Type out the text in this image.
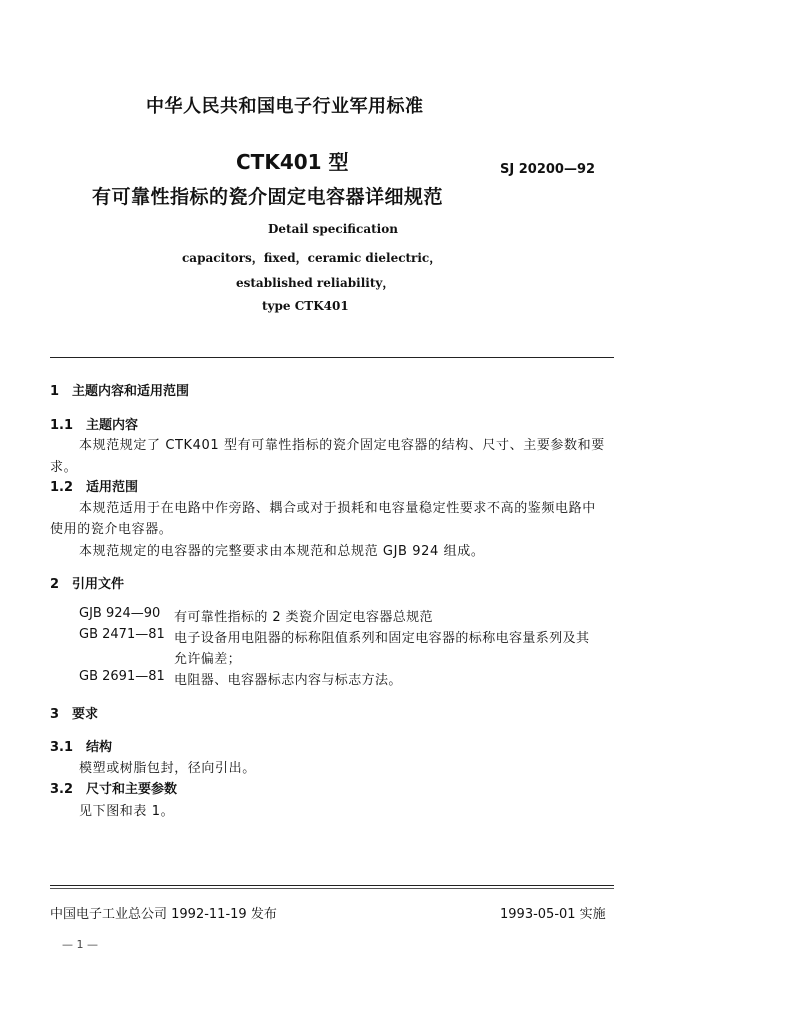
中华人民共和国电子行业军用标准
CTK401 型	SJ 20200—92
有可靠性指标的瓷介固定电容器详细规范
Detail specification
capacitors，fixed，ceramic dielectric，
established reliability，
type CTK401
1　主题内容和适用范围
1.1　主题内容
本规范规定了 CTK401 型有可靠性指标的瓷介固定电容器的结构、尺寸、主要参数和要
求。
1.2　适用范围
本规范适用于在电路中作旁路、耦合或对于损耗和电容量稳定性要求不高的鉴频电路中
使用的瓷介电容器。
本规范规定的电容器的完整要求由本规范和总规范 GJB 924 组成。
2　引用文件
GJB 924—90 有可靠性指标的 2 类瓷介固定电容器总规范
GB 2471—81 电子设备用电阻器的标称阻值系列和固定电容器的标称电容量系列及其
允许偏差；
GB 2691—81 电阻器、电容器标志内容与标志方法。
3　要求
3.1　结构
模塑或树脂包封，径向引出。
3.2　尺寸和主要参数
见下图和表 1。
中国电子工业总公司 1992-11-19 发布	1993-05-01 实施
— 1 —
